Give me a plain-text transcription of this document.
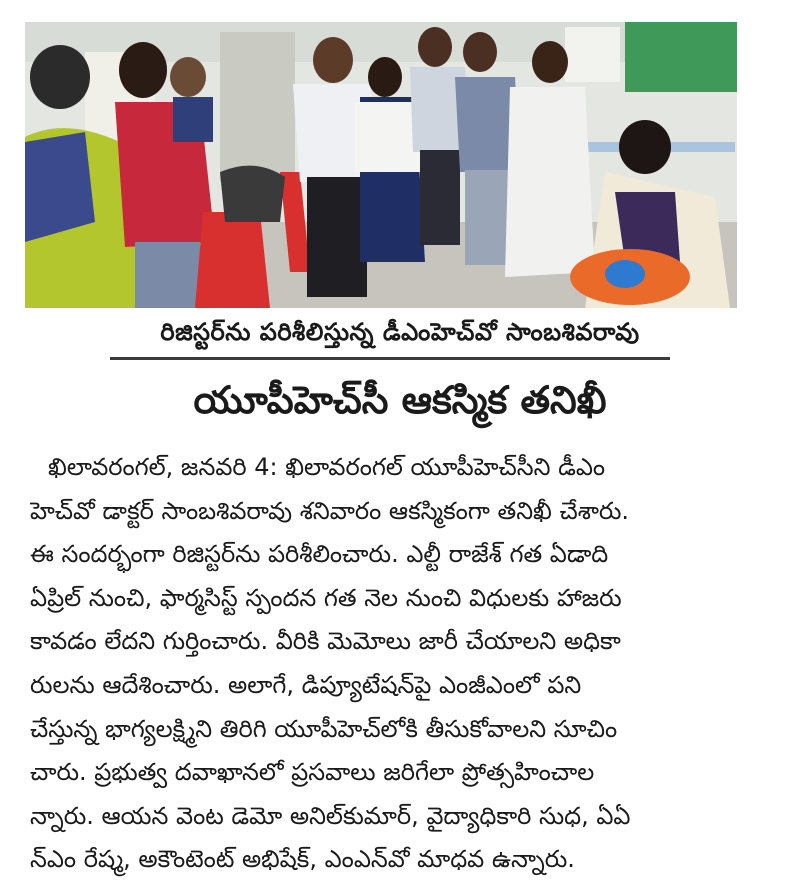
రిజిస్టర్‌ను పరిశీలిస్తున్న డీఎంహెచ్‌వో సాంబశివరావు
యూపీహెచ్‌సీ ఆకస్మిక తనిఖీ
ఖిలావరంగల్, జనవరి 4: ఖిలావరంగల్ యూపీహెచ్‌సీని డీఎం
హెచ్‌వో డాక్టర్ సాంబశివరావు శనివారం ఆకస్మికంగా తనిఖీ చేశారు.
ఈ సందర్భంగా రిజిస్టర్‌ను పరిశీలించారు. ఎల్టీ రాజేశ్ గత ఏడాది
ఏప్రిల్ నుంచి, ఫార్మసిస్ట్ స్పందన గత నెల నుంచి విధులకు హాజరు
కావడం లేదని గుర్తించారు. వీరికి మెమోలు జారీ చేయాలని అధికా
రులను ఆదేశించారు. అలాగే, డిప్యూటేషన్‌పై ఎంజీఎంలో పని
చేస్తున్న భాగ్యలక్ష్మిని తిరిగి యూపీహెచ్‌లోకి తీసుకోవాలని సూచిం
చారు. ప్రభుత్వ దవాఖానలో ప్రసవాలు జరిగేలా ప్రోత్సహించాల
న్నారు. ఆయన వెంట డెమో అనిల్‌కుమార్, వైద్యాధికారి సుధ, ఏఏ
న్‌ఎం రేష్మ, అకౌంటెంట్ అభిషేక్, ఎంఎన్‌వో మాధవ ఉన్నారు.
